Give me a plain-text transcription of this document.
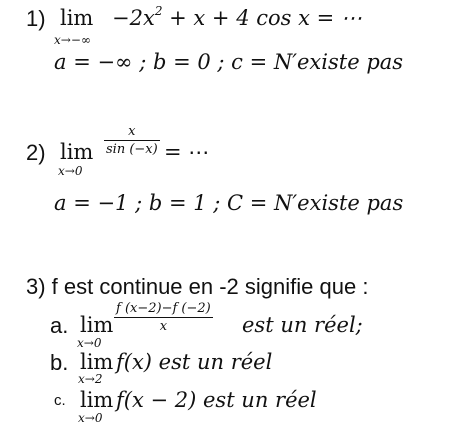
1) lim
x→−∞
$-2x^2 + x + 4$ cos x = ⋯
a = −∞ ; b = 0 ; c = N′existe pas
2) lim
x→0
$\frac{x}{\sin (-x)}$ = ⋯
a = −1 ; b = 1 ; C = N′existe pas
3) f est continue en -2 signifie que :
a. lim
x→0
$\frac{f (x-2)-f (-2)}{x}$ est un réel;
b. lim
x→2
f(x) est un réel
c. lim
x→0
f(x − 2) est un réel
